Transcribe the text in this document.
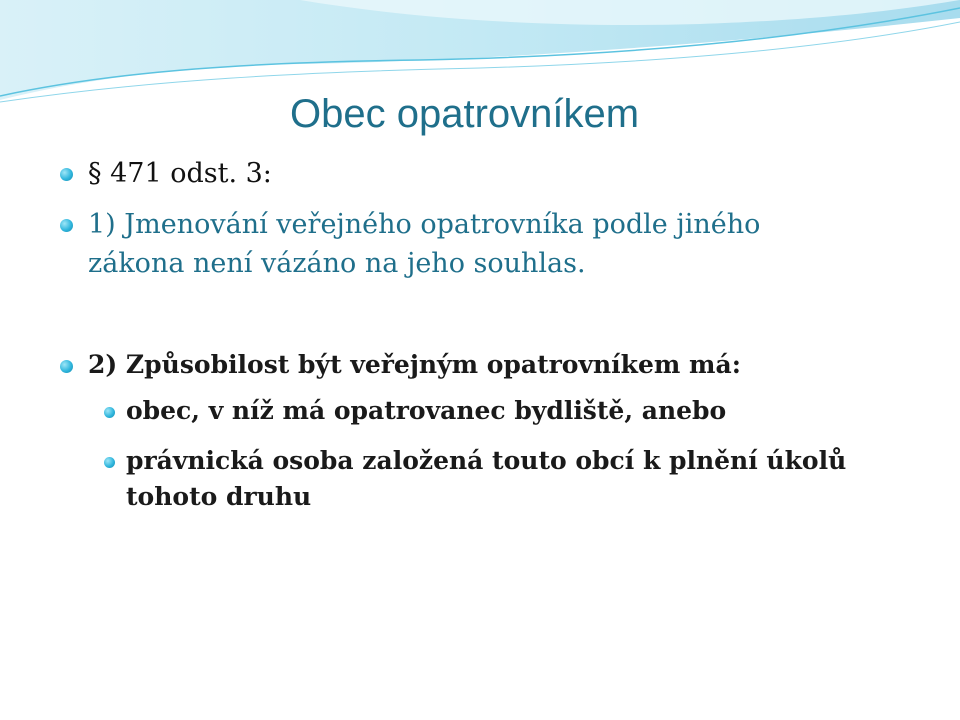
Obec opatrovníkem
§ 471 odst. 3:
1) Jmenování veřejného opatrovníka podle jiného
zákona není vázáno na jeho souhlas.
2) Způsobilost být veřejným opatrovníkem má:
obec, v níž má opatrovanec bydliště, anebo
právnická osoba založená touto obcí k plnění úkolů
tohoto druhu
